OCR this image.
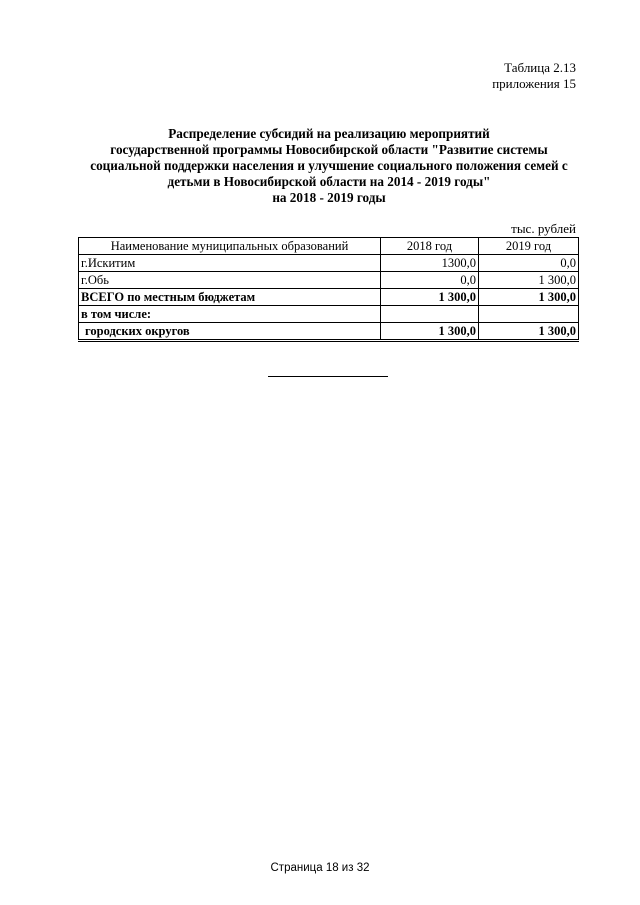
Таблица 2.13
приложения 15
Распределение субсидий на реализацию мероприятий
государственной программы Новосибирской области "Развитие системы
социальной поддержки населения и улучшение социального положения семей с
детьми в Новосибирской области на 2014 - 2019 годы"
на 2018 - 2019 годы
тыс. рублей
Наименование муниципальных образований	2018 год	2019 год
г.Искитим	1300,0	0,0
г.Обь	0,0	1 300,0
ВСЕГО по местным бюджетам	1 300,0	1 300,0
в том числе:		
городских округов	1 300,0	1 300,0
Страница 18 из 32
